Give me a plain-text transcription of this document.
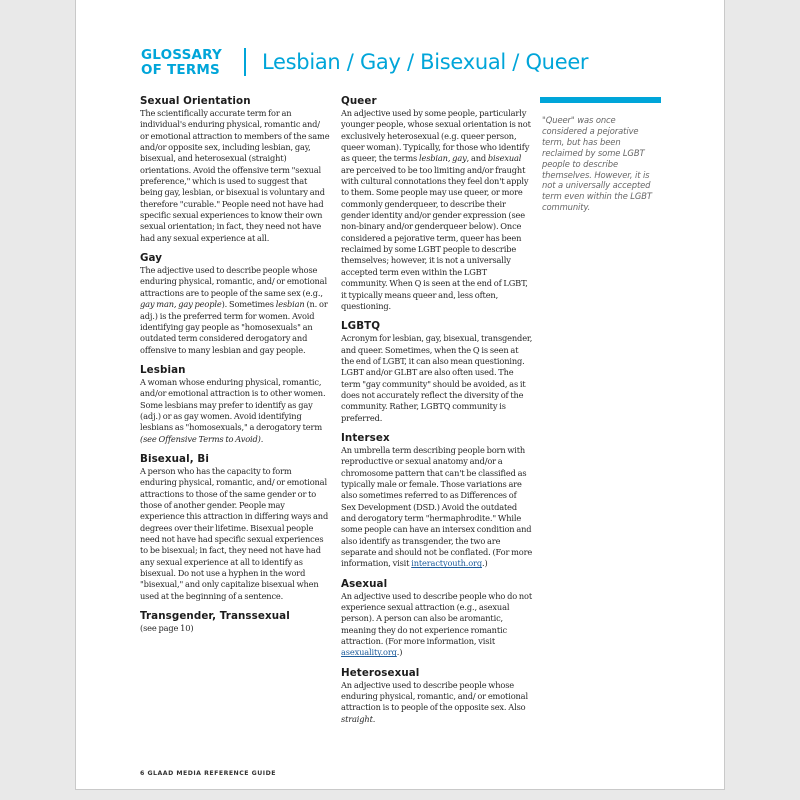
GLOSSARY
OF TERMS Lesbian / Gay / Bisexual / Queer
Sexual Orientation
The scientifically accurate term for an individual's enduring physical, romantic and/ or emotional attraction to members of the same and/or opposite sex, including lesbian, gay, bisexual, and heterosexual (straight) orientations. Avoid the offensive term "sexual preference," which is used to suggest that being gay, lesbian, or bisexual is voluntary and therefore "curable." People need not have had specific sexual experiences to know their own sexual orientation; in fact, they need not have had any sexual experience at all.
Gay
The adjective used to describe people whose enduring physical, romantic, and/ or emotional attractions are to people of the same sex (e.g., gay man, gay people). Sometimes lesbian (n. or adj.) is the preferred term for women. Avoid identifying gay people as "homosexuals" an outdated term considered derogatory and offensive to many lesbian and gay people.
Lesbian
A woman whose enduring physical, romantic, and/or emotional attraction is to other women. Some lesbians may prefer to identify as gay (adj.) or as gay women. Avoid identifying lesbians as "homosexuals," a derogatory term (see Offensive Terms to Avoid).
Bisexual, Bi
A person who has the capacity to form enduring physical, romantic, and/ or emotional attractions to those of the same gender or to those of another gender. People may experience this attraction in differing ways and degrees over their lifetime. Bisexual people need not have had specific sexual experiences to be bisexual; in fact, they need not have had any sexual experience at all to identify as bisexual. Do not use a hyphen in the word "bisexual," and only capitalize bisexual when used at the beginning of a sentence.
Transgender, Transsexual
(see page 10)
Queer
An adjective used by some people, particularly younger people, whose sexual orientation is not exclusively heterosexual (e.g. queer person, queer woman). Typically, for those who identify as queer, the terms lesbian, gay, and bisexual are perceived to be too limiting and/or fraught with cultural connotations they feel don't apply to them. Some people may use queer, or more commonly genderqueer, to describe their gender identity and/or gender expression (see non-binary and/or genderqueer below). Once considered a pejorative term, queer has been reclaimed by some LGBT people to describe themselves; however, it is not a universally accepted term even within the LGBT community. When Q is seen at the end of LGBT, it typically means queer and, less often, questioning.
LGBTQ
Acronym for lesbian, gay, bisexual, transgender, and queer. Sometimes, when the Q is seen at the end of LGBT, it can also mean questioning. LGBT and/or GLBT are also often used. The term "gay community" should be avoided, as it does not accurately reflect the diversity of the community. Rather, LGBTQ community is preferred.
Intersex
An umbrella term describing people born with reproductive or sexual anatomy and/or a chromosome pattern that can't be classified as typically male or female. Those variations are also sometimes referred to as Differences of Sex Development (DSD.) Avoid the outdated and derogatory term "hermaphrodite." While some people can have an intersex condition and also identify as transgender, the two are separate and should not be conflated. (For more information, visit interactyouth.org.)
Asexual
An adjective used to describe people who do not experience sexual attraction (e.g., asexual person). A person can also be aromantic, meaning they do not experience romantic attraction. (For more information, visit asexuality.org.)
Heterosexual
An adjective used to describe people whose enduring physical, romantic, and/ or emotional attraction is to people of the opposite sex. Also straight.
"Queer" was once considered a pejorative term, but has been reclaimed by some LGBT people to describe themselves. However, it is not a universally accepted term even within the LGBT community.
6 GLAAD MEDIA REFERENCE GUIDE
